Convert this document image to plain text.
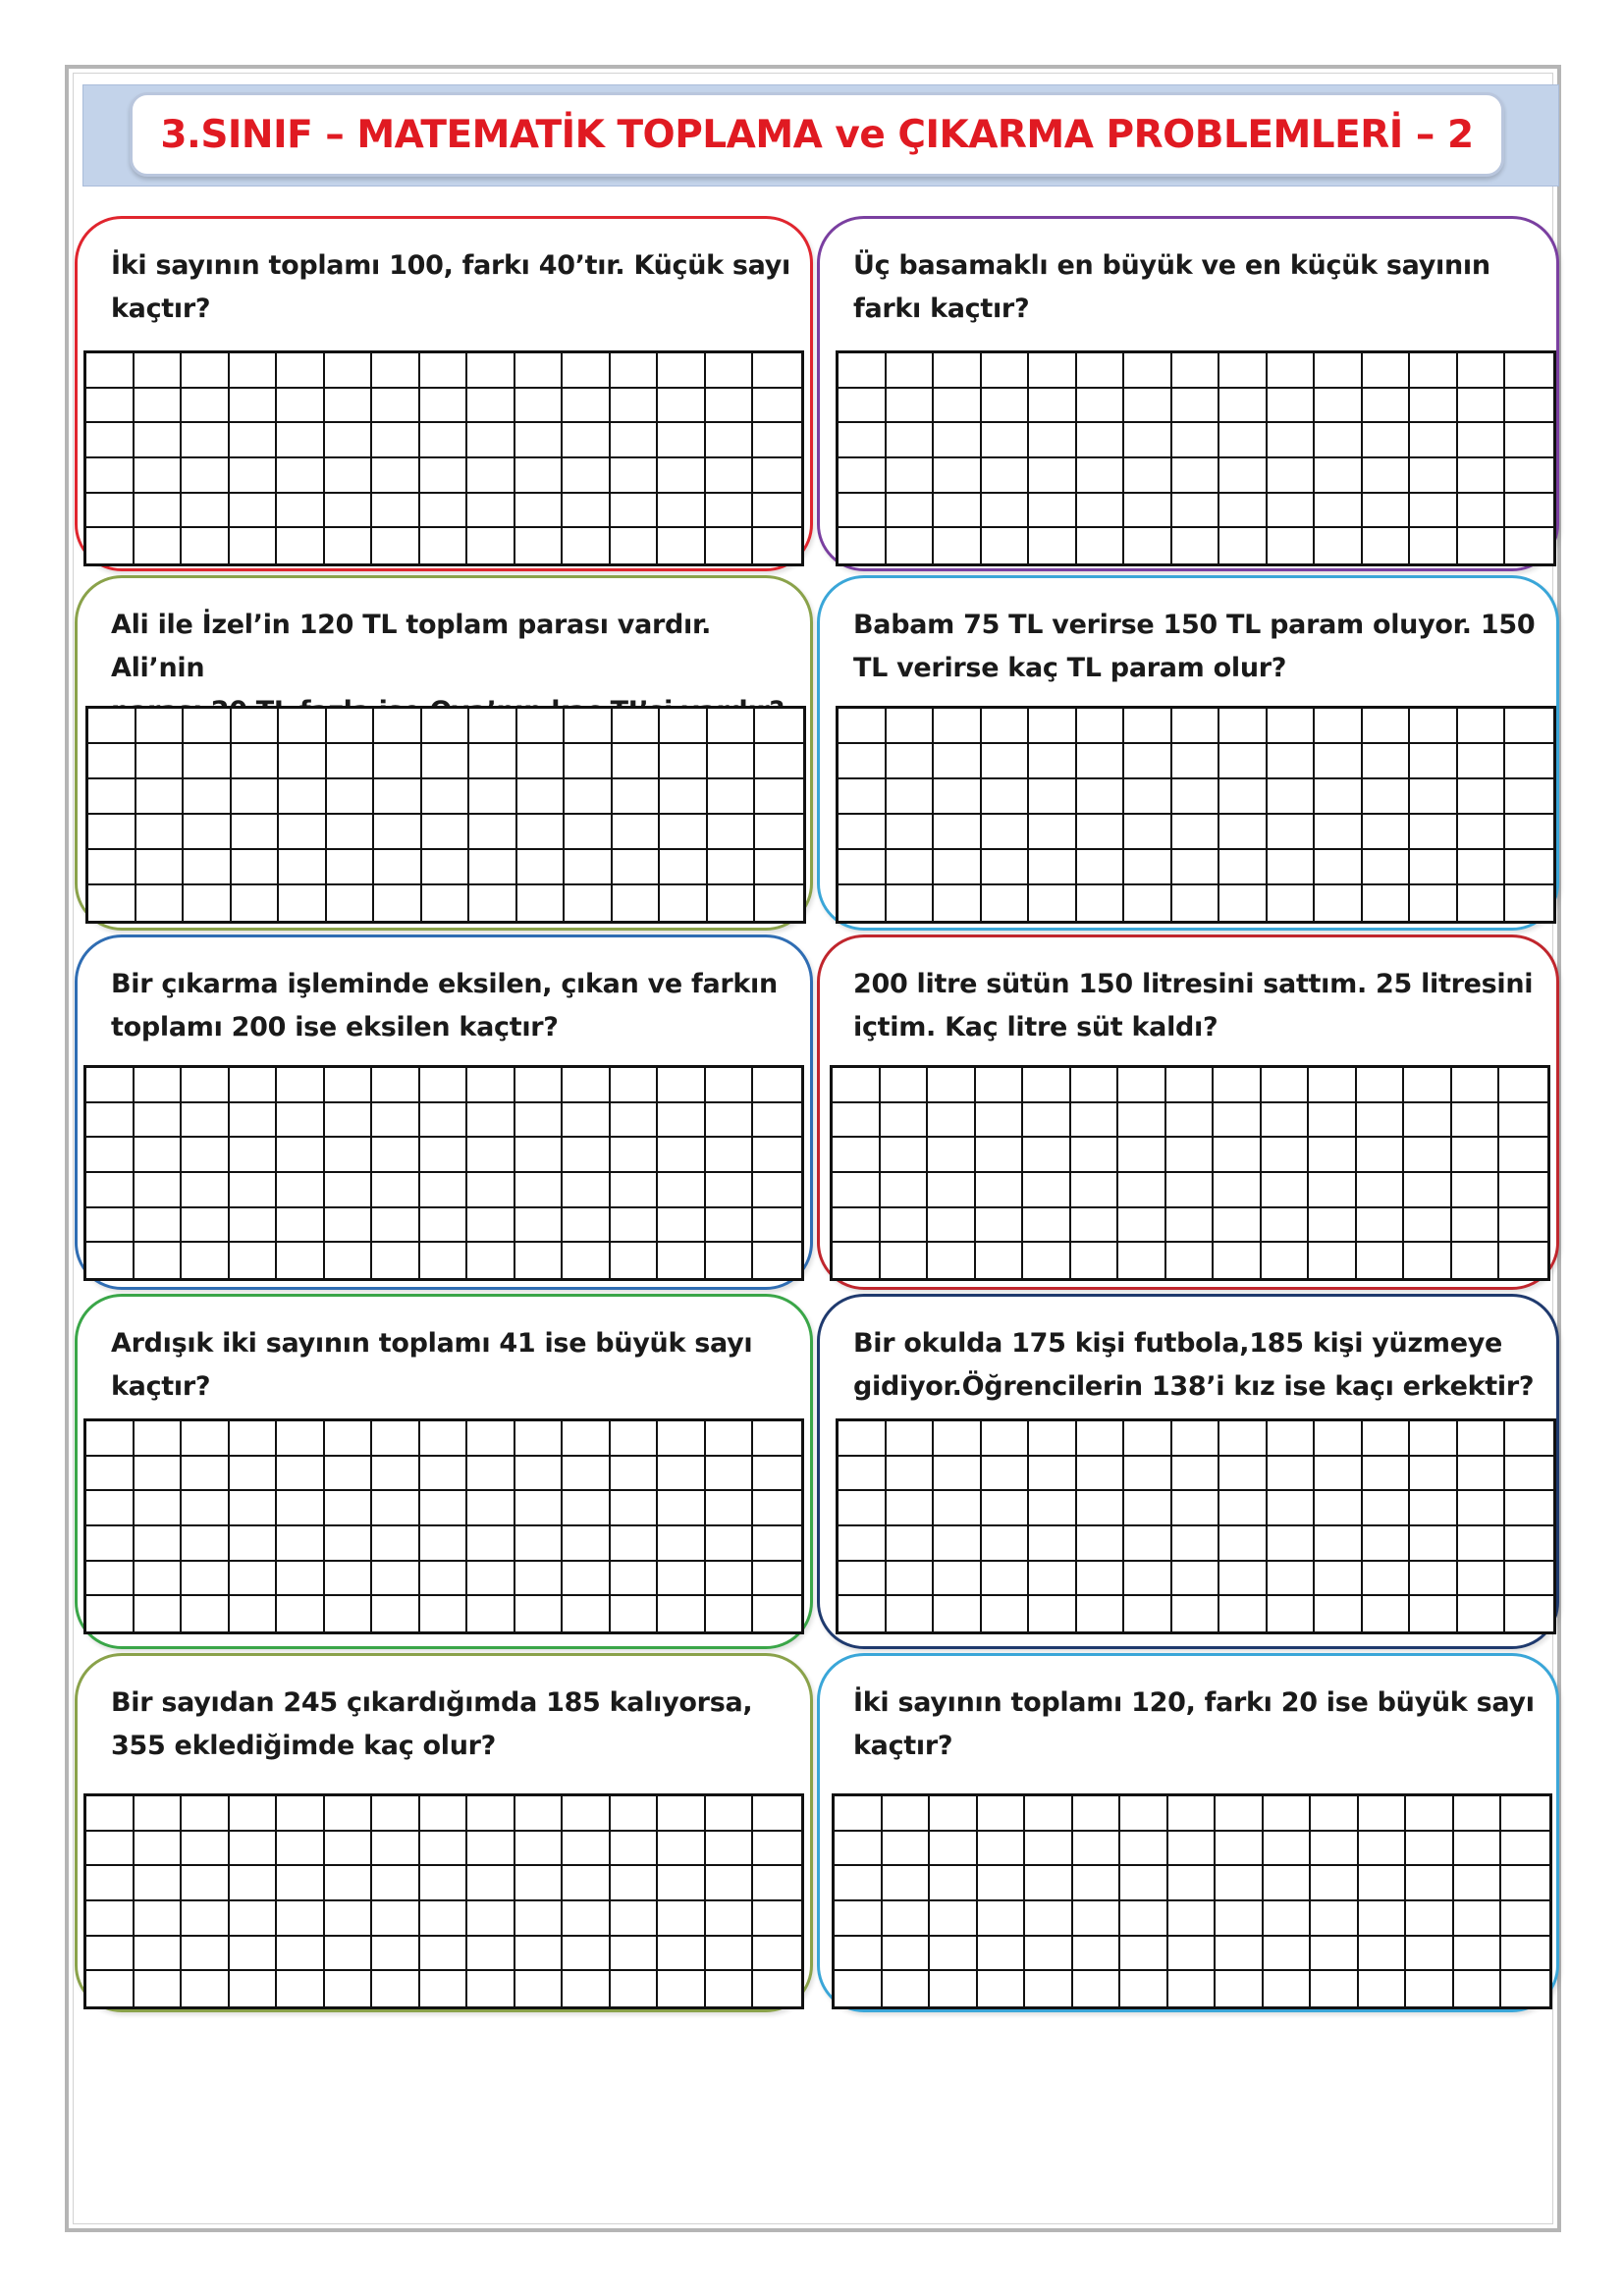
3.SINIF – MATEMATİK TOPLAMA ve ÇIKARMA PROBLEMLERİ – 2
İki sayının toplamı 100, farkı 40’tır. Küçük sayı
kaçtır?
Üç basamaklı en büyük ve en küçük sayının
farkı kaçtır?
Ali ile İzel’in 120 TL toplam parası vardır. Ali’nin
Babam 75 TL verirse 150 TL param oluyor. 150
TL verirse kaç TL param olur?
Bir çıkarma işleminde eksilen, çıkan ve farkın
toplamı 200 ise eksilen kaçtır?
200 litre sütün 150 litresini sattım. 25 litresini
içtim. Kaç litre süt kaldı?
Ardışık iki sayının toplamı 41 ise büyük sayı
kaçtır?
Bir okulda 175 kişi futbola,185 kişi yüzmeye
gidiyor.Öğrencilerin 138’i kız ise kaçı erkektir?
Bir sayıdan 245 çıkardığımda 185 kalıyorsa,
355 eklediğimde kaç olur?
İki sayının toplamı 120, farkı 20 ise büyük sayı
kaçtır?
